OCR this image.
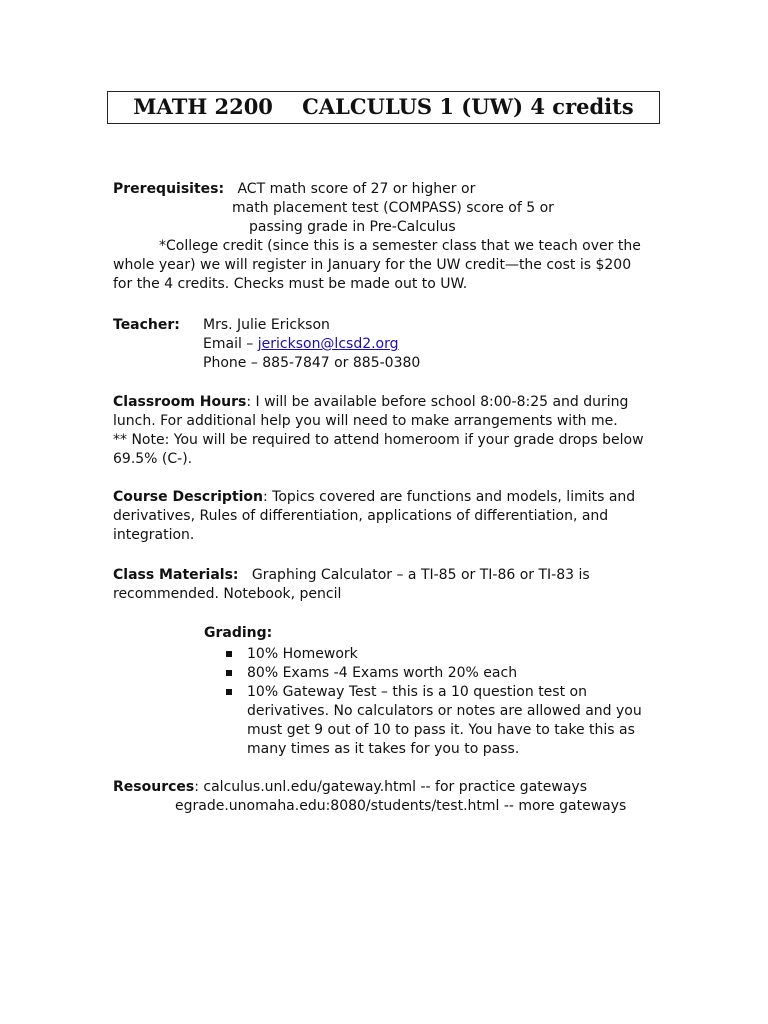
MATH 2200    CALCULUS 1 (UW) 4 credits
Prerequisites: ACT math score of 27 or higher or
math placement test (COMPASS) score of 5 or
passing grade in Pre-Calculus
*College credit (since this is a semester class that we teach over the
whole year) we will register in January for the UW credit—the cost is $200
for the 4 credits. Checks must be made out to UW.
Teacher: Mrs. Julie Erickson
Email – jerickson@lcsd2.org
Phone – 885-7847 or 885-0380
Classroom Hours: I will be available before school 8:00-8:25 and during
lunch. For additional help you will need to make arrangements with me.
** Note: You will be required to attend homeroom if your grade drops below
69.5% (C-).
Course Description: Topics covered are functions and models, limits and
derivatives, Rules of differentiation, applications of differentiation, and
integration.
Class Materials: Graphing Calculator – a TI-85 or TI-86 or TI-83 is
recommended. Notebook, pencil
Grading:
10% Homework
80% Exams -4 Exams worth 20% each
10% Gateway Test – this is a 10 question test on
derivatives. No calculators or notes are allowed and you
must get 9 out of 10 to pass it. You have to take this as
many times as it takes for you to pass.
Resources: calculus.unl.edu/gateway.html -- for practice gateways
egrade.unomaha.edu:8080/students/test.html -- more gateways
